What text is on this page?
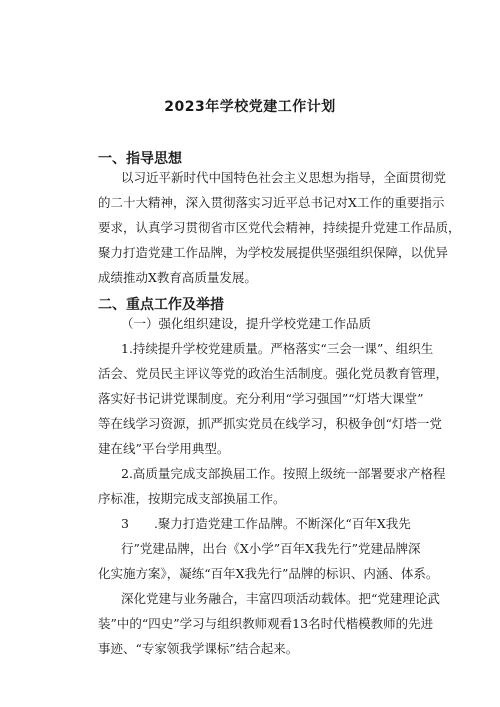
2023年学校党建工作计划
一、指导思想
以习近平新时代中国特色社会主义思想为指导，全面贯彻党
的二十大精神，深入贯彻落实习近平总书记对X工作的重要指示
要求，认真学习贯彻省市区党代会精神，持续提升党建工作品质，
聚力打造党建工作品牌，为学校发展提供坚强组织保障，以优异
成绩推动X教育高质量发展。
二、重点工作及举措
（一）强化组织建设，提升学校党建工作品质
1.持续提升学校党建质量。严格落实“三会一课”、组织生
活会、党员民主评议等党的政治生活制度。强化党员教育管理，
落实好书记讲党课制度。充分利用“学习强国”“灯塔大课堂”
等在线学习资源，抓严抓实党员在线学习，积极争创“灯塔一党
建在线”平台学用典型。
2.高质量完成支部换届工作。按照上级统一部署要求产格程
序标准，按期完成支部换届工作。
3　　.聚力打造党建工作品牌。不断深化“百年X我先
行”党建品牌，出台《X小学”百年X我先行”党建品牌深
化实施方案》，凝练“百年X我先行”品牌的标识、内涵、体系。
深化党建与业务融合，丰富四项活动载体。把“党建理论武
装”中的“四史”学习与组织教师观看13名时代楷模教师的先进
事迹、“专家领我学课标”结合起来。
